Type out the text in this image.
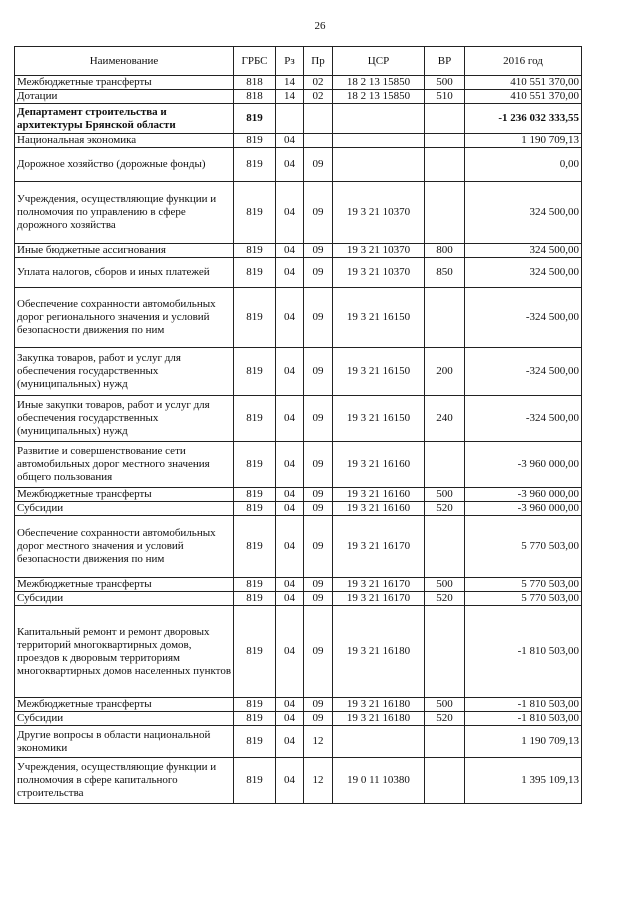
26
Наименование	ГРБС	Рз	Пр	ЦСР	ВР	2016 год
Межбюджетные трансферты	818	14	02	18 2 13 15850	500	410 551 370,00
Дотации	818	14	02	18 2 13 15850	510	410 551 370,00
Департамент строительства и архитектуры Брянской области	819					-1 236 032 333,55
Национальная экономика	819	04				1 190 709,13
Дорожное хозяйство (дорожные фонды)	819	04	09			0,00
Учреждения, осуществляющие функции и полномочия по управлению в сфере дорожного хозяйства	819	04	09	19 3 21 10370		324 500,00
Иные бюджетные ассигнования	819	04	09	19 3 21 10370	800	324 500,00
Уплата налогов, сборов и иных платежей	819	04	09	19 3 21 10370	850	324 500,00
Обеспечение сохранности автомобильных дорог регионального значения и условий безопасности движения по ним	819	04	09	19 3 21 16150		-324 500,00
Закупка товаров, работ и услуг для обеспечения государственных (муниципальных) нужд	819	04	09	19 3 21 16150	200	-324 500,00
Иные закупки товаров, работ и услуг для обеспечения государственных (муниципальных) нужд	819	04	09	19 3 21 16150	240	-324 500,00
Развитие и совершенствование сети автомобильных дорог местного значения общего пользования	819	04	09	19 3 21 16160		-3 960 000,00
Межбюджетные трансферты	819	04	09	19 3 21 16160	500	-3 960 000,00
Субсидии	819	04	09	19 3 21 16160	520	-3 960 000,00
Обеспечение сохранности автомобильных дорог местного значения и условий безопасности движения по ним	819	04	09	19 3 21 16170		5 770 503,00
Межбюджетные трансферты	819	04	09	19 3 21 16170	500	5 770 503,00
Субсидии	819	04	09	19 3 21 16170	520	5 770 503,00
Капитальный ремонт и ремонт дворовых территорий многоквартирных домов, проездов к дворовым территориям многоквартирных домов населенных пунктов	819	04	09	19 3 21 16180		-1 810 503,00
Межбюджетные трансферты	819	04	09	19 3 21 16180	500	-1 810 503,00
Субсидии	819	04	09	19 3 21 16180	520	-1 810 503,00
Другие вопросы в области национальной экономики	819	04	12			1 190 709,13
Учреждения, осуществляющие функции и полномочия в сфере капитального строительства	819	04	12	19 0 11 10380		1 395 109,13
